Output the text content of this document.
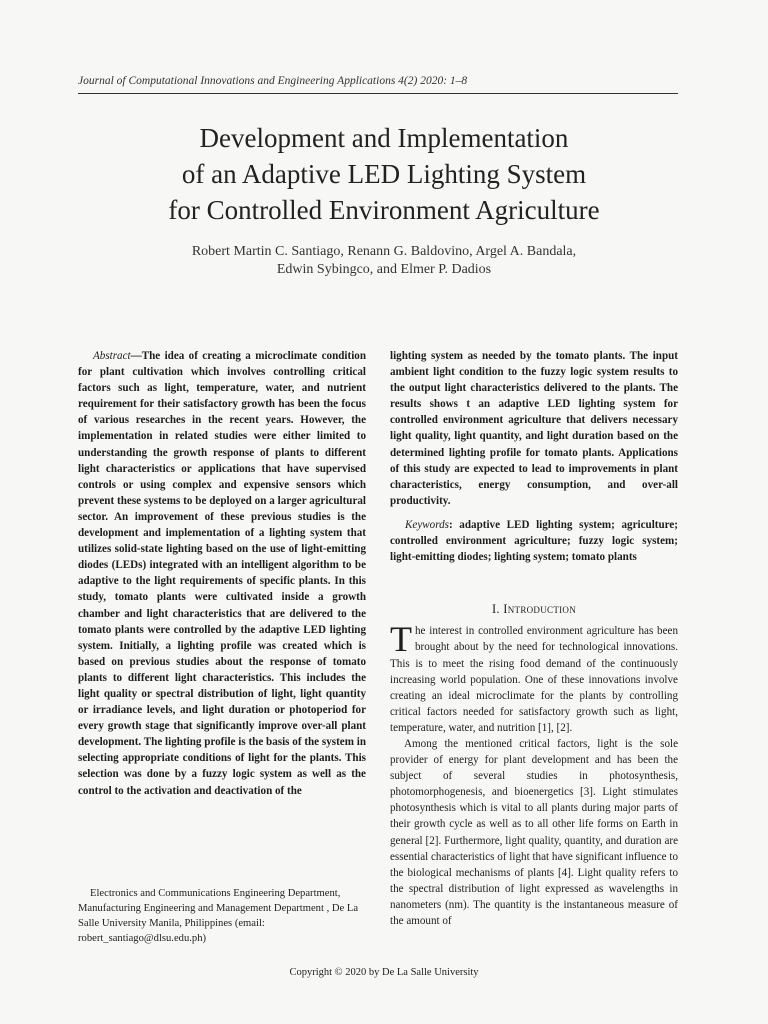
Journal of Computational Innovations and Engineering Applications 4(2) 2020: 1–8
Development and Implementation
of an Adaptive LED Lighting System
for Controlled Environment Agriculture
Robert Martin C. Santiago, Renann G. Baldovino, Argel A. Bandala,
Edwin Sybingco, and Elmer P. Dadios

Abstract—The idea of creating a microclimate condition for plant cultivation which involves controlling critical factors such as light, temperature, water, and nutrient requirement for their satisfactory growth has been the focus of various researches in the recent years. However, the implementation in related studies were either limited to understanding the growth response of plants to different light characteristics or applications that have supervised controls or using complex and expensive sensors which prevent these systems to be deployed on a larger agricultural sector. An improvement of these previous studies is the development and implementation of a lighting system that utilizes solid-state lighting based on the use of light-emitting diodes (LEDs) integrated with an intelligent algorithm to be adaptive to the light requirements of specific plants. In this study, tomato plants were cultivated inside a growth chamber and light characteristics that are delivered to the tomato plants were controlled by the adaptive LED lighting system. Initially, a lighting profile was created which is based on previous studies about the response of tomato plants to different light characteristics. This includes the light quality or spectral distribution of light, light quantity or irradiance levels, and light duration or photoperiod for every growth stage that significantly improve over-all plant development. The lighting profile is the basis of the system in selecting appropriate conditions of light for the plants. This selection was done by a fuzzy logic system as well as the control to the activation and deactivation of the

lighting system as needed by the tomato plants. The input ambient light condition to the fuzzy logic system results to the output light characteristics delivered to the plants. The results shows t an adaptive LED lighting system for controlled environment agriculture that delivers necessary light quality, light quantity, and light duration based on the determined lighting profile for tomato plants. Applications of this study are expected to lead to improvements in plant characteristics, energy consumption, and over-all productivity.

Keywords: adaptive LED lighting system; agriculture; controlled environment agriculture; fuzzy logic system; light-emitting diodes; lighting system; tomato plants

I. Introduction

The interest in controlled environment agriculture has been brought about by the need for technological innovations. This is to meet the rising food demand of the continuously increasing world population. One of these innovations involve creating an ideal microclimate for the plants by controlling critical factors needed for satisfactory growth such as light, temperature, water, and nutrition [1], [2].

Among the mentioned critical factors, light is the sole provider of energy for plant development and has been the subject of several studies in photosynthesis, photomorphogenesis, and bioenergetics [3]. Light stimulates photosynthesis which is vital to all plants during major parts of their growth cycle as well as to all other life forms on Earth in general [2]. Furthermore, light quality, quantity, and duration are essential characteristics of light that have significant influence to the biological mechanisms of plants [4]. Light quality refers to the spectral distribution of light expressed as wavelengths in nanometers (nm). The quantity is the instantaneous measure of the amount of

Electronics and Communications Engineering Department, Manufacturing Engineering and Management Department , De La Salle University Manila, Philippines (email: robert_santiago@dlsu.edu.ph)
Copyright © 2020 by De La Salle University
